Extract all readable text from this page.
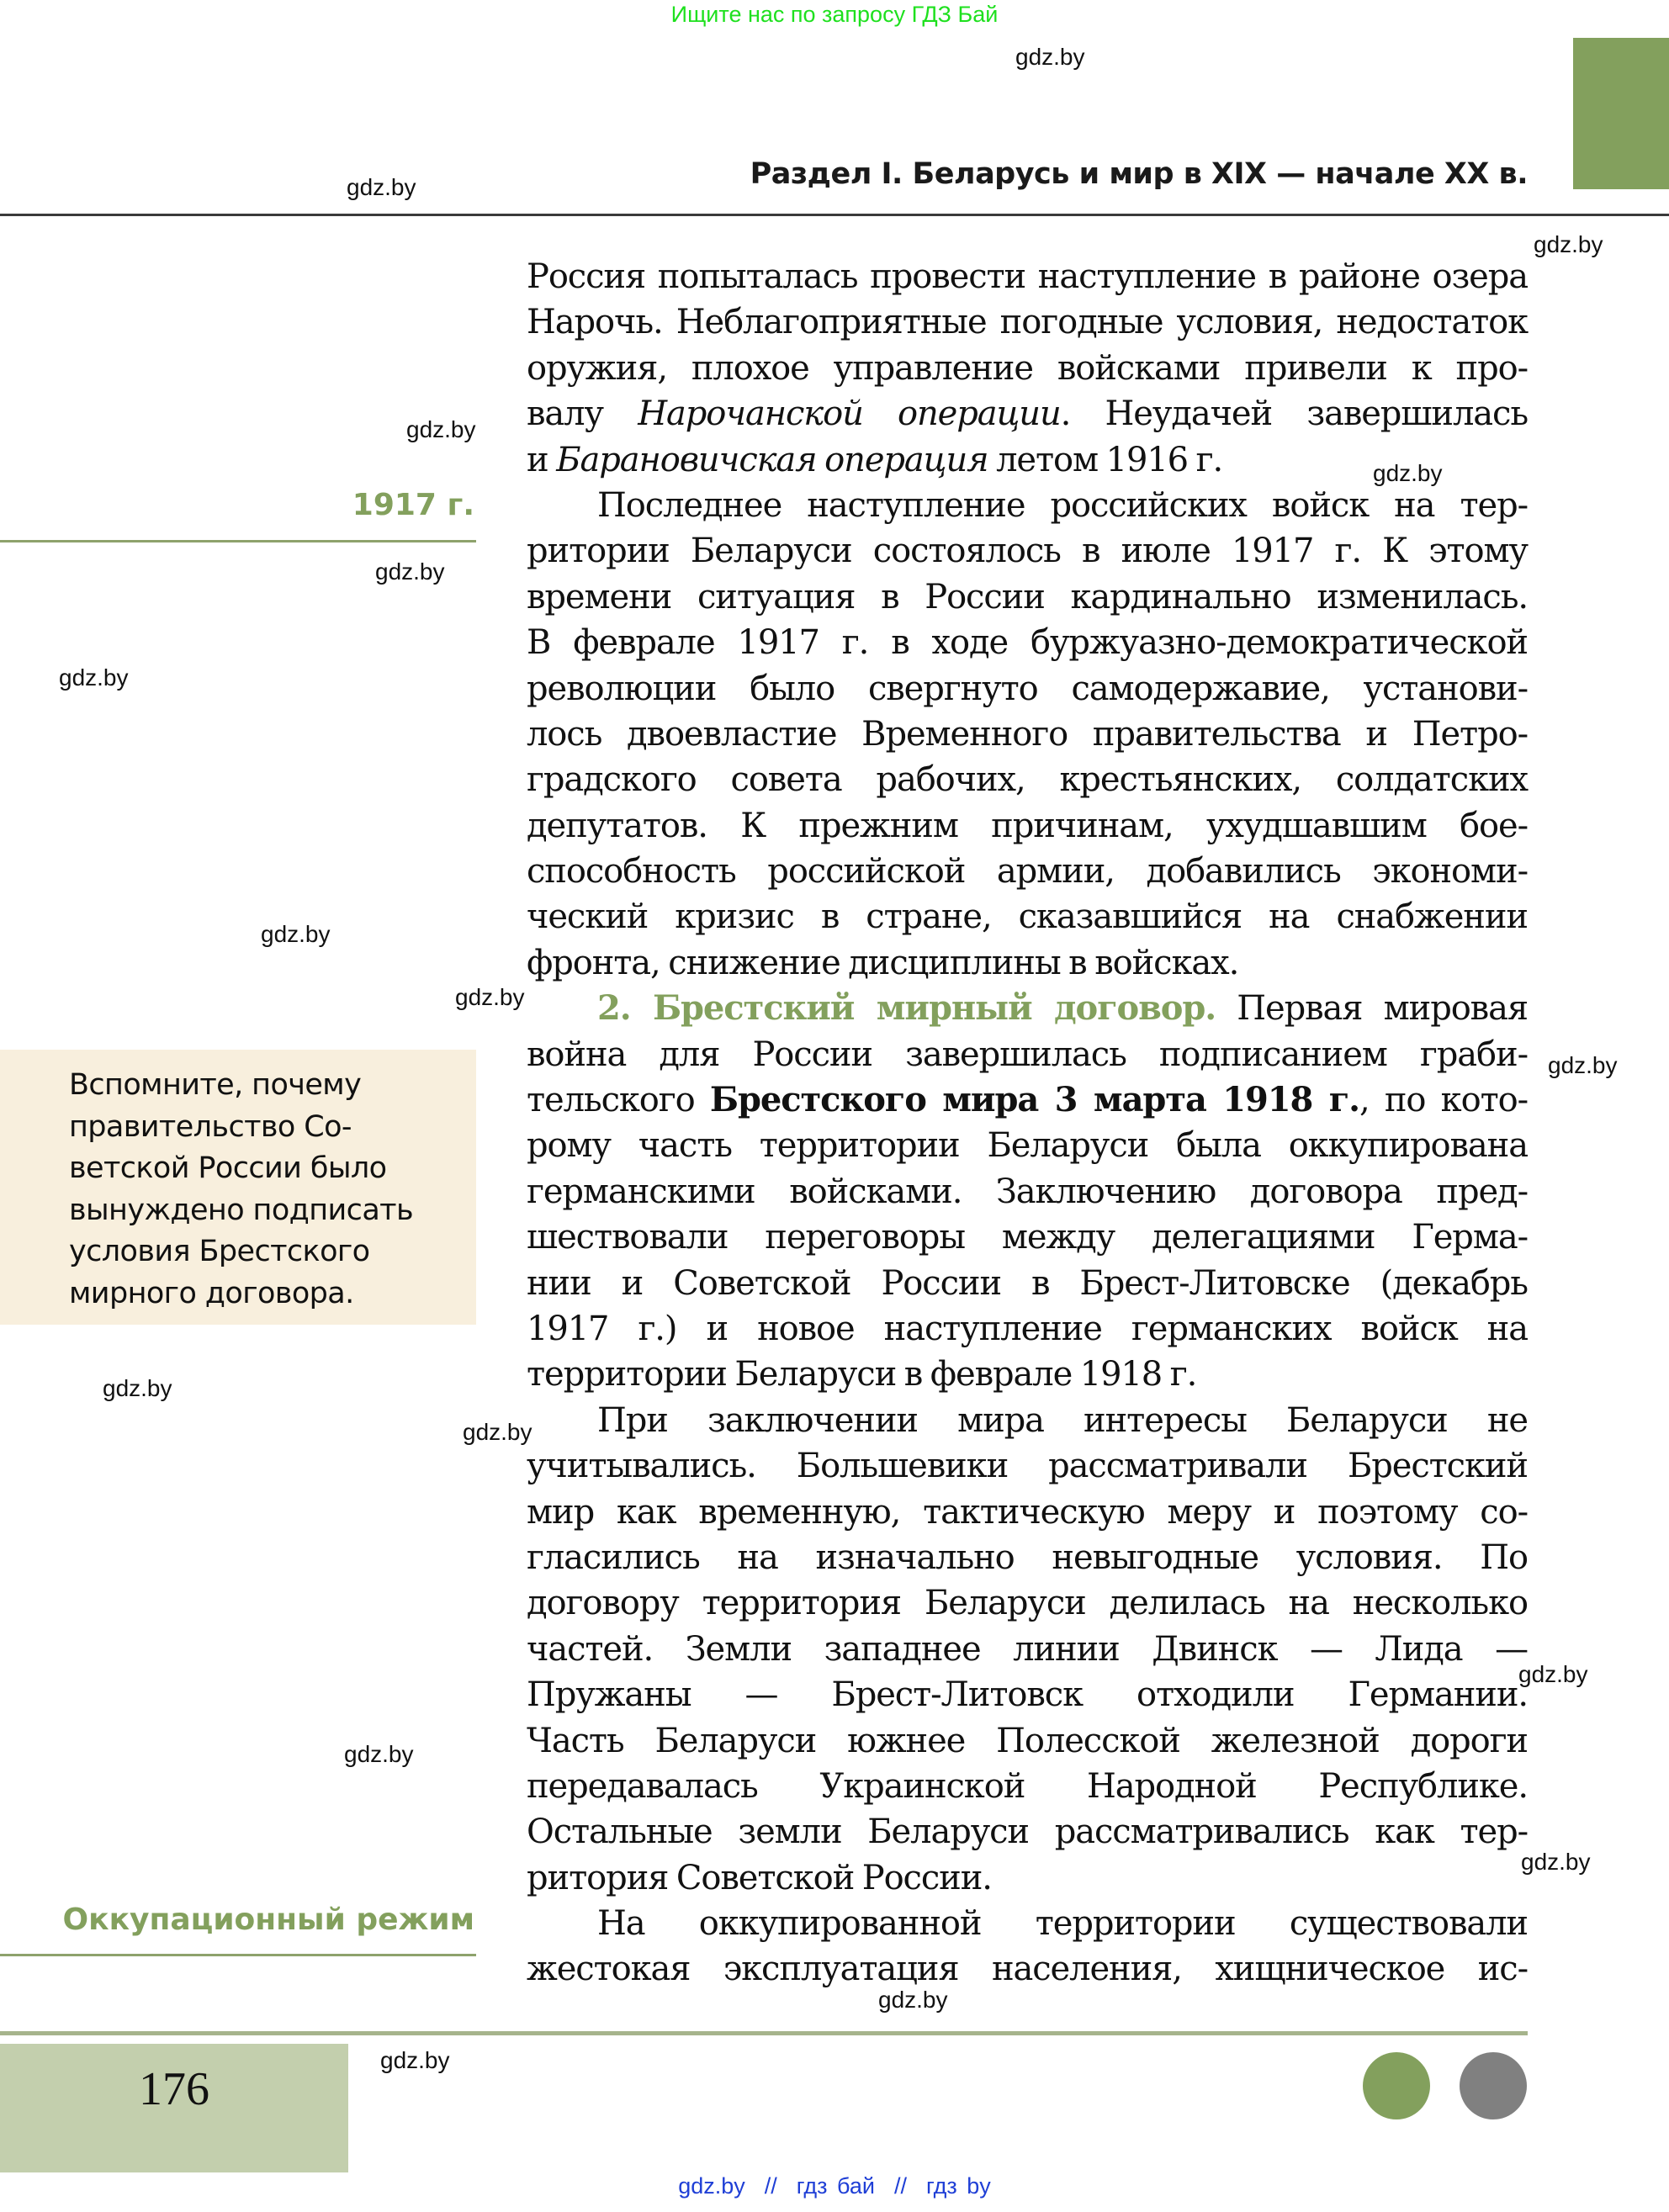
Ищите нас по запросу ГДЗ Бай
Раздел I. Беларусь и мир в XIX — начале XX в.
1917 г.
Вспомните, почему
правительство Со-
ветской России было
вынуждено подписать
условия Брестского
мирного договора.
Оккупационный режим
Россия попыталась провести наступление в районе озера
Нарочь. Неблагоприятные погодные условия, недостаток
оружия, плохое управление войсками привели к про-
валу Нарочанской операции. Неудачей завершилась
и Барановичская операция летом 1916 г.
Последнее наступление российских войск на тер-
ритории Беларуси состоялось в июле 1917 г. К этому
времени ситуация в России кардинально изменилась.
В феврале 1917 г. в ходе буржуазно-демократической
революции было свергнуто самодержавие, установи-
лось двоевластие Временного правительства и Петро-
градского совета рабочих, крестьянских, солдатских
депутатов. К прежним причинам, ухудшавшим бое-
способность российской армии, добавились экономи-
ческий кризис в стране, сказавшийся на снабжении
фронта, снижение дисциплины в войсках.
2. Брестский мирный договор. Первая мировая
война для России завершилась подписанием граби-
тельского Брестского мира 3 марта 1918 г., по кото-
рому часть территории Беларуси была оккупирована
германскими войсками. Заключению договора пред-
шествовали переговоры между делегациями Герма-
нии и Советской России в Брест-Литовске (декабрь
1917 г.) и новое наступление германских войск на
территории Беларуси в феврале 1918 г.
При заключении мира интересы Беларуси не
учитывались. Большевики рассматривали Брестский
мир как временную, тактическую меру и поэтому со-
гласились на изначально невыгодные условия. По
договору территория Беларуси делилась на несколько
частей. Земли западнее линии Двинск — Лида —
Пружаны — Брест-Литовск отходили Германии.
Часть Беларуси южнее Полесской железной дороги
передавалась Украинской Народной Республике.
Остальные земли Беларуси рассматривались как тер-
ритория Советской России.
На оккупированной территории существовали
жестокая эксплуатация населения, хищническое ис-
gdz.by
gdz.by
gdz.by
gdz.by
gdz.by
gdz.by
gdz.by
gdz.by
gdz.by
gdz.by
gdz.by
gdz.by
gdz.by
gdz.by
gdz.by
gdz.by
gdz.by
176
gdz.by  //  гдз бай  //  гдз by
